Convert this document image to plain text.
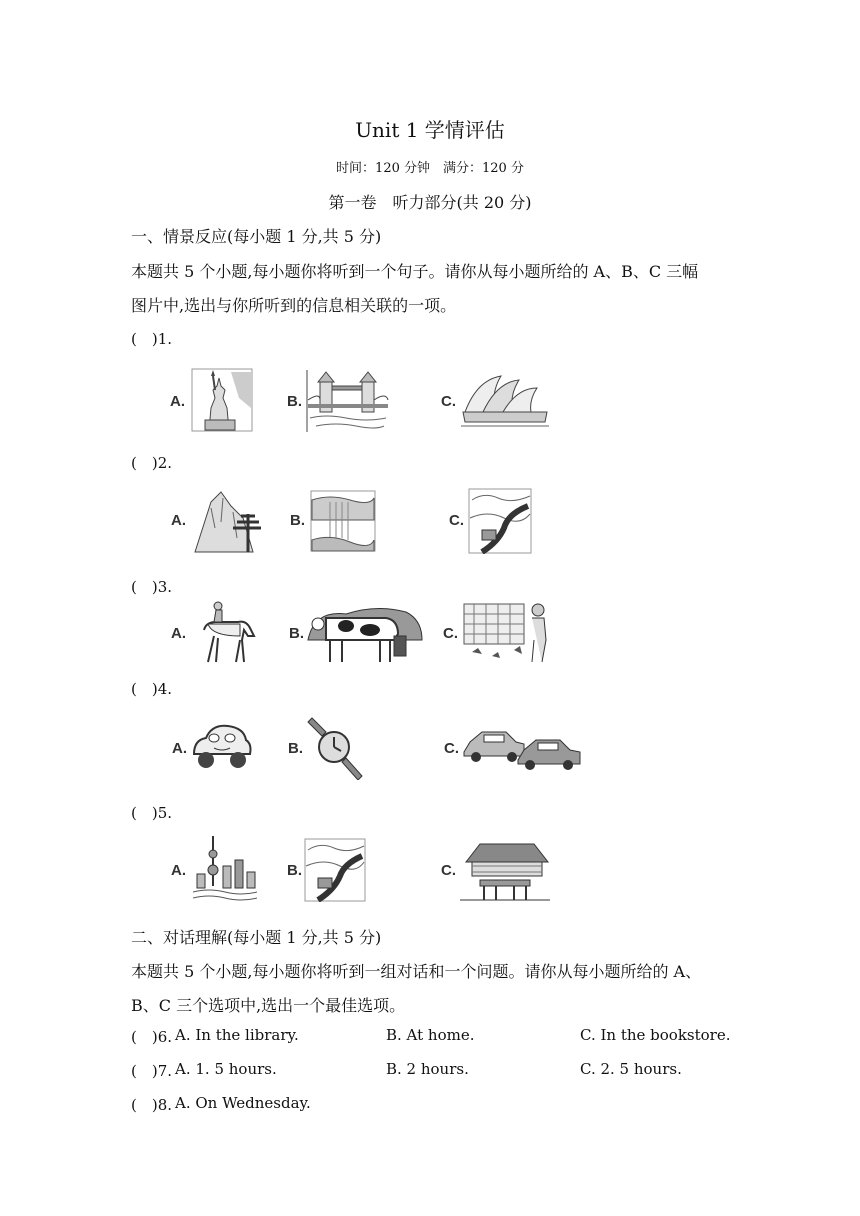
Unit 1 学情评估
时间：120 分钟　满分：120 分
第一卷　听力部分(共 20 分)
一、情景反应(每小题 1 分,共 5 分)
本题共 5 个小题,每小题你将听到一个句子。请你从每小题所给的 A、B、C 三幅
图片中,选出与你所听到的信息相关联的一项。
(　)1.
A.	B.	C.
(　)2.
A.	B.	C.
(　)3.
A.	B.	C.
(　)4.
A.	B.	C.
(　)5.
A.	B.	C.
二、对话理解(每小题 1 分,共 5 分)
本题共 5 个小题,每小题你将听到一组对话和一个问题。请你从每小题所给的 A、
B、C 三个选项中,选出一个最佳选项。
(　)6. A. In the library.	B. At home.	C. In the bookstore.
(　)7. A. 1. 5 hours.	B. 2 hours.	C. 2. 5 hours.
(　)8. A. On Wednesday.
